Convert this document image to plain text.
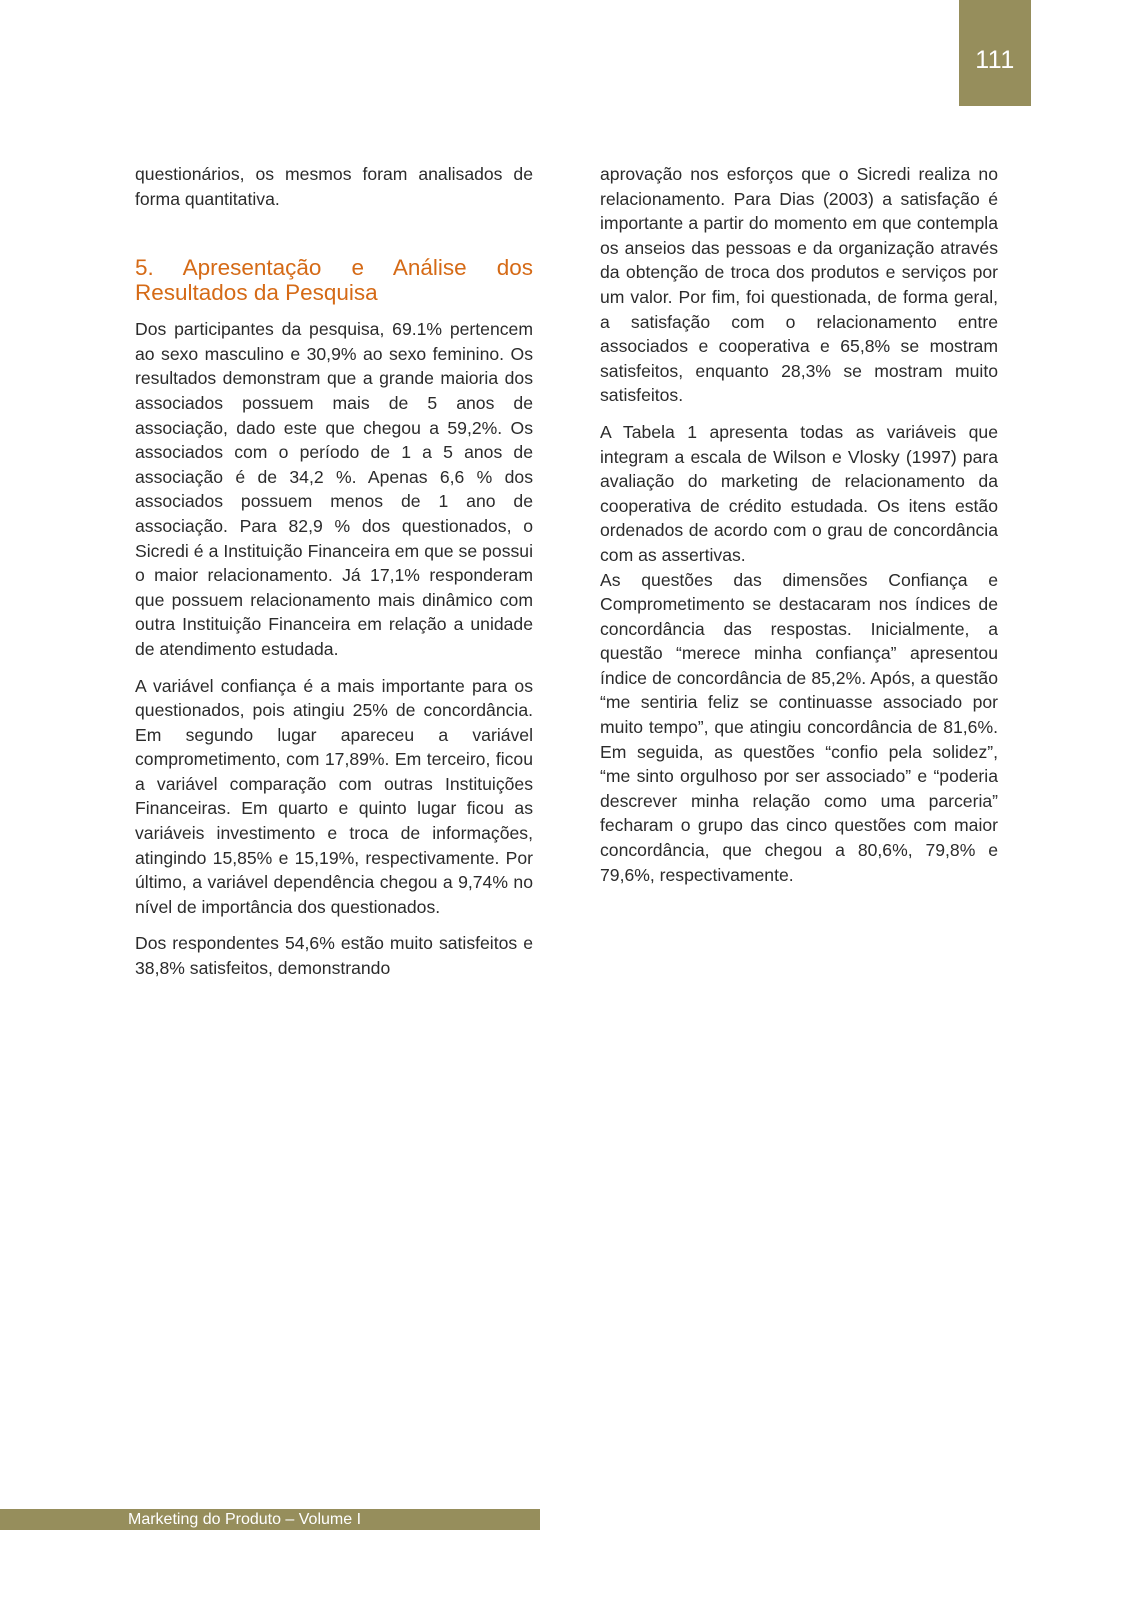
111

questionários, os mesmos foram analisados de forma quantitativa.

5. Apresentação e Análise dos Resultados da Pesquisa

Dos participantes da pesquisa, 69.1% pertencem ao sexo masculino e 30,9% ao sexo feminino. Os resultados demonstram que a grande maioria dos associados possuem mais de 5 anos de associação, dado este que chegou a 59,2%. Os associados com o período de 1 a 5 anos de associação é de 34,2 %. Apenas 6,6 % dos associados possuem menos de 1 ano de associação. Para 82,9 % dos questionados, o Sicredi é a Instituição Financeira em que se possui o maior relacionamento. Já 17,1% responderam que possuem relacionamento mais dinâmico com outra Instituição Financeira em relação a unidade de atendimento estudada.

A variável confiança é a mais importante para os questionados, pois atingiu 25% de concordância. Em segundo lugar apareceu a variável comprometimento, com 17,89%. Em terceiro, ficou a variável comparação com outras Instituições Financeiras. Em quarto e quinto lugar ficou as variáveis investimento e troca de informações, atingindo 15,85% e 15,19%, respectivamente. Por último, a variável dependência chegou a 9,74% no nível de importância dos questionados.

Dos respondentes 54,6% estão muito satisfeitos e 38,8% satisfeitos, demonstrando

aprovação nos esforços que o Sicredi realiza no relacionamento. Para Dias (2003) a satisfação é importante a partir do momento em que contempla os anseios das pessoas e da organização através da obtenção de troca dos produtos e serviços por um valor. Por fim, foi questionada, de forma geral, a satisfação com o relacionamento entre associados e cooperativa e 65,8% se mostram satisfeitos, enquanto 28,3% se mostram muito satisfeitos.

A Tabela 1 apresenta todas as variáveis que integram a escala de Wilson e Vlosky (1997) para avaliação do marketing de relacionamento da cooperativa de crédito estudada. Os itens estão ordenados de acordo com o grau de concordância com as assertivas.

As questões das dimensões Confiança e Comprometimento se destacaram nos índices de concordância das respostas. Inicialmente, a questão “merece minha confiança” apresentou índice de concordância de 85,2%. Após, a questão “me sentiria feliz se continuasse associado por muito tempo”, que atingiu concordância de 81,6%. Em seguida, as questões “confio pela solidez”, “me sinto orgulhoso por ser associado” e “poderia descrever minha relação como uma parceria” fecharam o grupo das cinco questões com maior concordância, que chegou a 80,6%, 79,8% e 79,6%, respectivamente.

Marketing do Produto – Volume I
